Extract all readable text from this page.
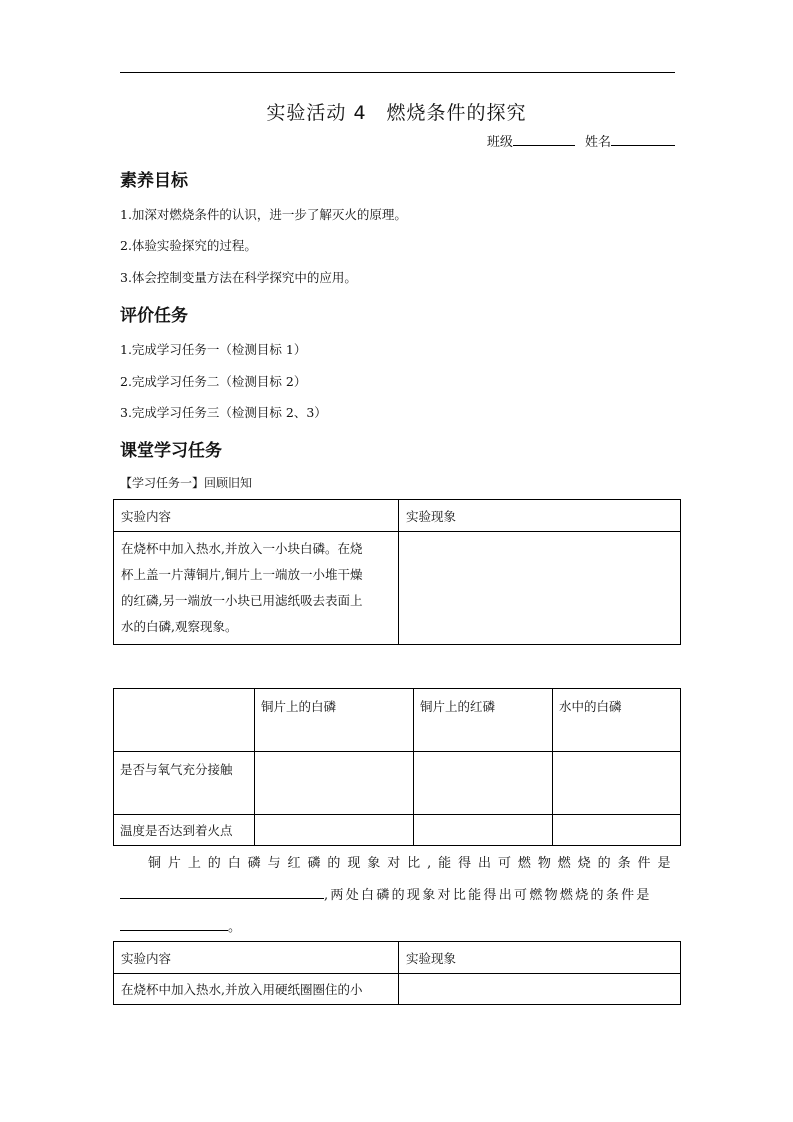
实验活动 4　燃烧条件的探究
班级	姓名
素养目标
1.加深对燃烧条件的认识，进一步了解灭火的原理。
2.体验实验探究的过程。
3.体会控制变量方法在科学探究中的应用。
评价任务
1.完成学习任务一（检测目标 1）
2.完成学习任务二（检测目标 2）
3.完成学习任务三（检测目标 2、3）
课堂学习任务
【学习任务一】回顾旧知
实验内容	实验现象

在烧杯中加入热水,并放入一小块白磷。在烧
杯上盖一片薄铜片,铜片上一端放一小堆干燥
的红磷,另一端放一小块已用滤纸吸去表面上
水的白磷,观察现象。	

	铜片上的白磷	铜片上的红磷	水中的白磷
是否与氧气充分接触			
温度是否达到着火点			
铜片上的白磷与红磷的现象对比,能得出可燃物燃烧的条件是
,两处白磷的现象对比能得出可燃物燃烧的条件是
。
实验内容	实验现象
在烧杯中加入热水,并放入用硬纸圈圈住的小	
